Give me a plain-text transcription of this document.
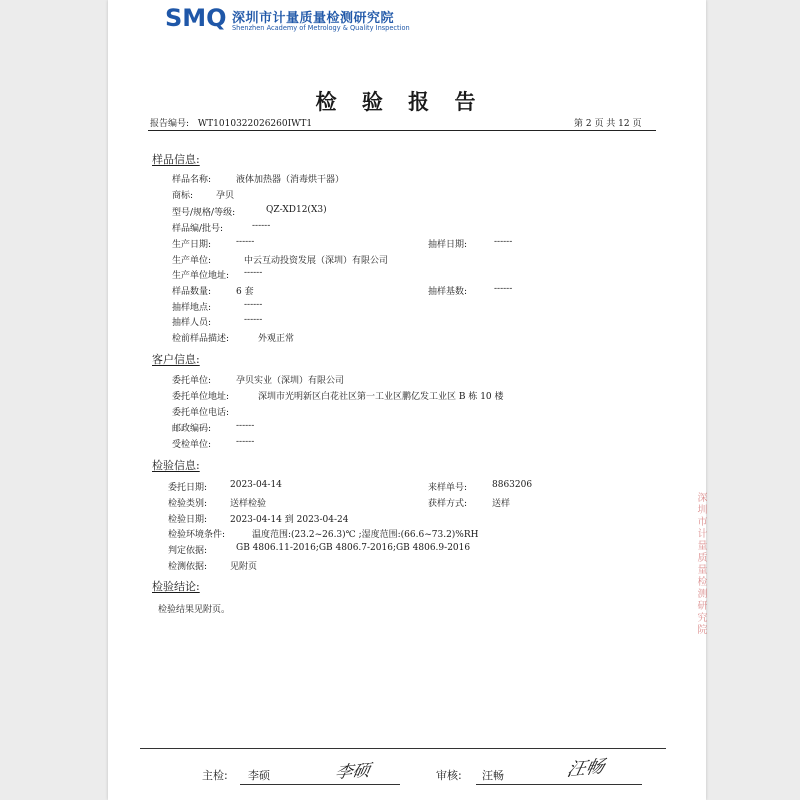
SMQ 深圳市计量质量检测研究院
Shenzhen Academy of Metrology & Quality Inspection
检 验 报 告
报告编号: WT1010322026260IWT1	第 2 页 共 12 页
样品信息:
样品名称:	液体加热器（消毒烘干器）
商标:	孕贝
型号/规格/等级:	QZ-XD12(X3)
样品编/批号:	------
生产日期:	------	抽样日期:	------
生产单位:	中云互动投资发展（深圳）有限公司
生产单位地址: ------
样品数量:	6 套	抽样基数:	------
抽样地点:	------
抽样人员:	------
检前样品描述:	外观正常
客户信息:
委托单位:	孕贝实业（深圳）有限公司
委托单位地址:	深圳市光明新区白花社区第一工业区鹏亿发工业区 B 栋 10 楼
委托单位电话:
邮政编码:	------
受检单位:	------
检验信息:
委托日期:	2023-04-14	来样单号:	8863206
检验类别:	送样检验	获样方式:	送样
检验日期:	2023-04-14 到 2023-04-24
检验环境条件:	温度范围:(23.2~26.3)℃ ;湿度范围:(66.6~73.2)%RH
判定依据:	GB 4806.11-2016;GB 4806.7-2016;GB 4806.9-2016
检测依据:	见附页
检验结论:
检验结果见附页。
主检: 李硕	李硕	审核: 汪畅	汪畅
深圳市计量质量检测研究院
